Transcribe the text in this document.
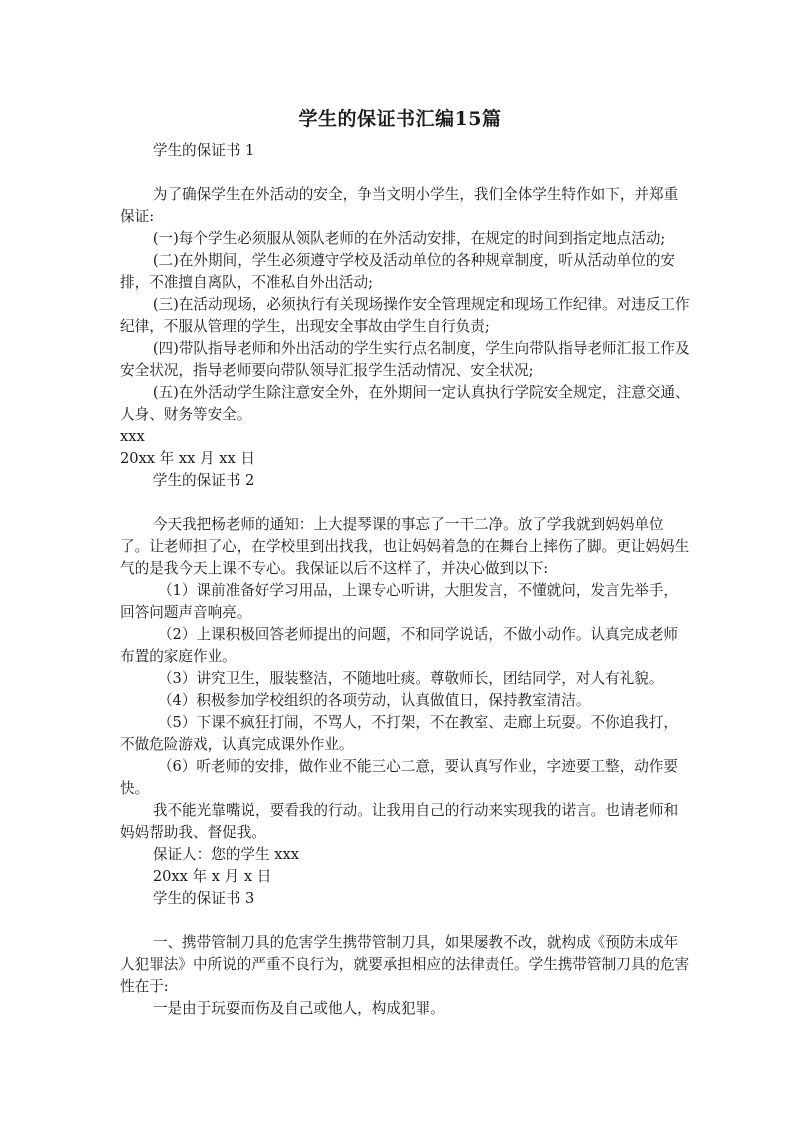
学生的保证书汇编15篇

学生的保证书 1

为了确保学生在外活动的安全，争当文明小学生，我们全体学生特作如下，并郑重保证:

(一)每个学生必须服从领队老师的在外活动安排，在规定的时间到指定地点活动;

(二)在外期间，学生必须遵守学校及活动单位的各种规章制度，听从活动单位的安排，不准擅自离队，不准私自外出活动;

(三)在活动现场，必须执行有关现场操作安全管理规定和现场工作纪律。对违反工作纪律，不服从管理的学生，出现安全事故由学生自行负责;

(四)带队指导老师和外出活动的学生实行点名制度，学生向带队指导老师汇报工作及安全状况，指导老师要向带队领导汇报学生活动情况、安全状况;

(五)在外活动学生除注意安全外，在外期间一定认真执行学院安全规定，注意交通、人身、财务等安全。

xxx

20xx 年 xx 月 xx 日

学生的保证书 2

今天我把杨老师的通知：上大提琴课的事忘了一干二净。放了学我就到妈妈单位了。让老师担了心，在学校里到出找我，也让妈妈着急的在舞台上摔伤了脚。更让妈妈生气的是我今天上课不专心。我保证以后不这样了，并决心做到以下:

（1）课前准备好学习用品，上课专心听讲，大胆发言，不懂就问，发言先举手，回答问题声音响亮。

（2）上课积极回答老师提出的问题，不和同学说话，不做小动作。认真完成老师布置的家庭作业。

（3）讲究卫生，服装整洁，不随地吐痰。尊敬师长，团结同学，对人有礼貌。

（4）积极参加学校组织的各项劳动，认真做值日，保持教室清洁。

（5）下课不疯狂打闹，不骂人，不打架，不在教室、走廊上玩耍。不你追我打，不做危险游戏，认真完成课外作业。

（6）听老师的安排，做作业不能三心二意，要认真写作业，字迹要工整，动作要快。

我不能光靠嘴说，要看我的行动。让我用自己的行动来实现我的诺言。也请老师和妈妈帮助我、督促我。

保证人：您的学生 xxx

20xx 年 x 月 x 日

学生的保证书 3

一、携带管制刀具的危害学生携带管制刀具，如果屡教不改，就构成《预防未成年人犯罪法》中所说的严重不良行为，就要承担相应的法律责任。学生携带管制刀具的危害性在于:

一是由于玩耍而伤及自己或他人，构成犯罪。
